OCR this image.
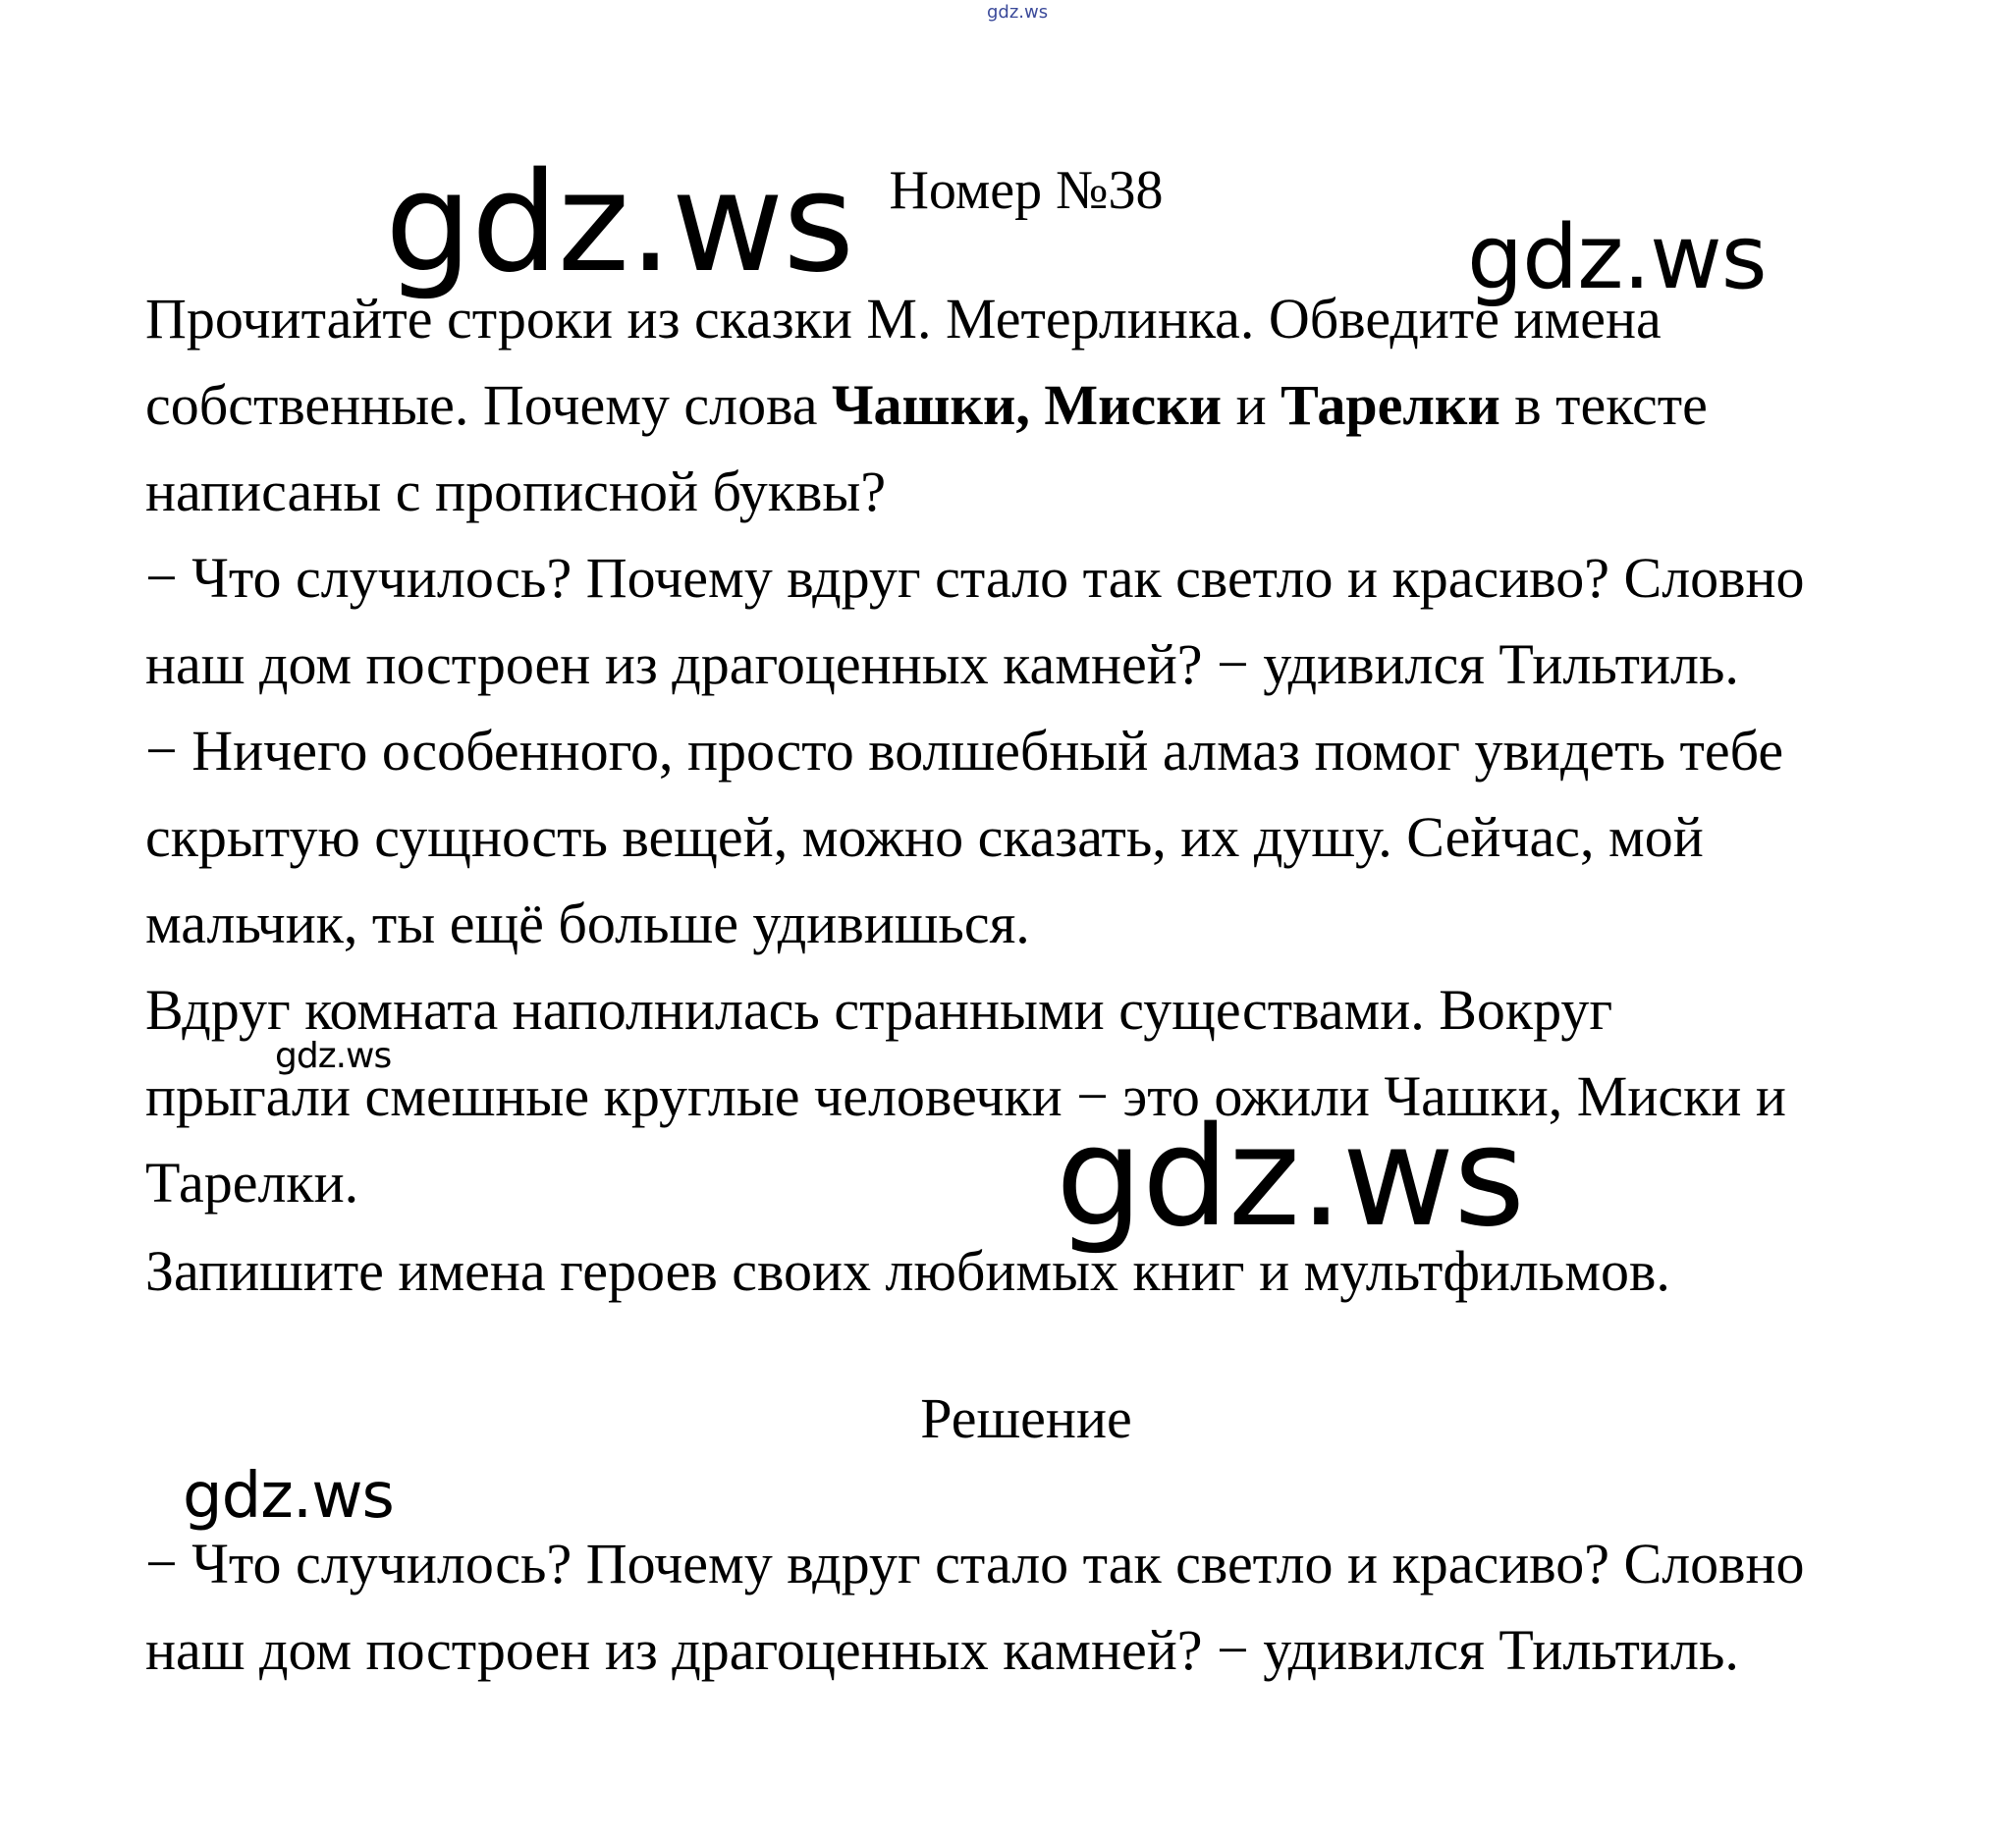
gdz.ws
Номер №38
gdz.ws	gdz.ws
Прочитайте строки из сказки М. Метерлинка. Обведите имена
собственные. Почему слова Чашки, Миски и Тарелки в тексте
написаны с прописной буквы?
− Что случилось? Почему вдруг стало так светло и красиво? Словно
наш дом построен из драгоценных камней? − удивился Тильтиль.
− Ничего особенного, просто волшебный алмаз помог увидеть тебе
скрытую сущность вещей, можно сказать, их душу. Сейчас, мой
мальчик, ты ещё больше удивишься.
Вдруг комната наполнилась странными существами. Вокруг
прыгали смешные круглые человечки − это ожили Чашки, Миски и
Тарелки.
gdz.ws
gdz.ws
Запишите имена героев своих любимых книг и мультфильмов.
Решение
gdz.ws
− Что случилось? Почему вдруг стало так светло и красиво? Словно
наш дом построен из драгоценных камней? − удивился Тильтиль.
